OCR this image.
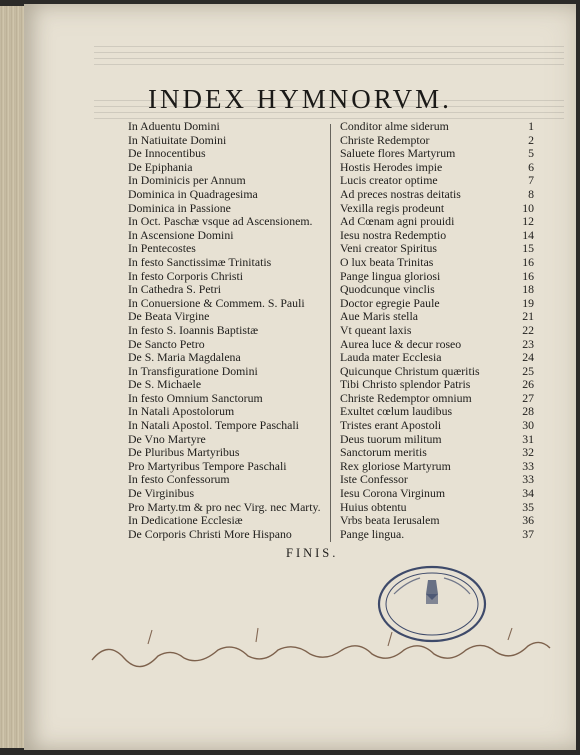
INDEX HYMNORVM.
In Aduentu Domini	Conditor alme siderum	1
In Natiuitate Domini	Christe Redemptor	2
De Innocentibus	Saluete flores Martyrum	5
De Epiphania	Hostis Herodes impie	6
In Dominicis per Annum	Lucis creator optime	7
Dominica in Quadragesima	Ad preces nostras deitatis	8
Dominica in Passione	Vexilla regis prodeunt	10
In Oct. Paschæ vsque ad Ascensionem.	Ad Cœnam agni prouidi	12
In Ascensione Domini	Iesu nostra Redemptio	14
In Pentecostes	Veni creator Spiritus	15
In festo Sanctissimæ Trinitatis	O lux beata Trinitas	16
In festo Corporis Christi	Pange lingua gloriosi	16
In Cathedra S. Petri	Quodcunque vinclis	18
In Conuersione & Commem. S. Pauli	Doctor egregie Paule	19
De Beata Virgine	Aue Maris stella	21
In festo S. Ioannis Baptistæ	Vt queant laxis	22
De Sancto Petro	Aurea luce & decur roseo	23
De S. Maria Magdalena	Lauda mater Ecclesia	24
In Transfiguratione Domini	Quicunque Christum quæritis	25
De S. Michaele	Tibi Christo splendor Patris	26
In festo Omnium Sanctorum	Christe Redemptor omnium	27
In Natali Apostolorum	Exultet cœlum laudibus	28
In Natali Apostol. Tempore Paschali	Tristes erant Apostoli	30
De Vno Martyre	Deus tuorum militum	31
De Pluribus Martyribus	Sanctorum meritis	32
Pro Martyribus Tempore Paschali	Rex gloriose Martyrum	33
In festo Confessorum	Iste Confessor	33
De Virginibus	Iesu Corona Virginum	34
Pro Marty.tm & pro nec Virg. nec Marty.	Huius obtentu	35
In Dedicatione Ecclesiæ	Vrbs beata Ierusalem	36
De Corporis Christi More Hispano	Pange lingua.	37
FINIS.
